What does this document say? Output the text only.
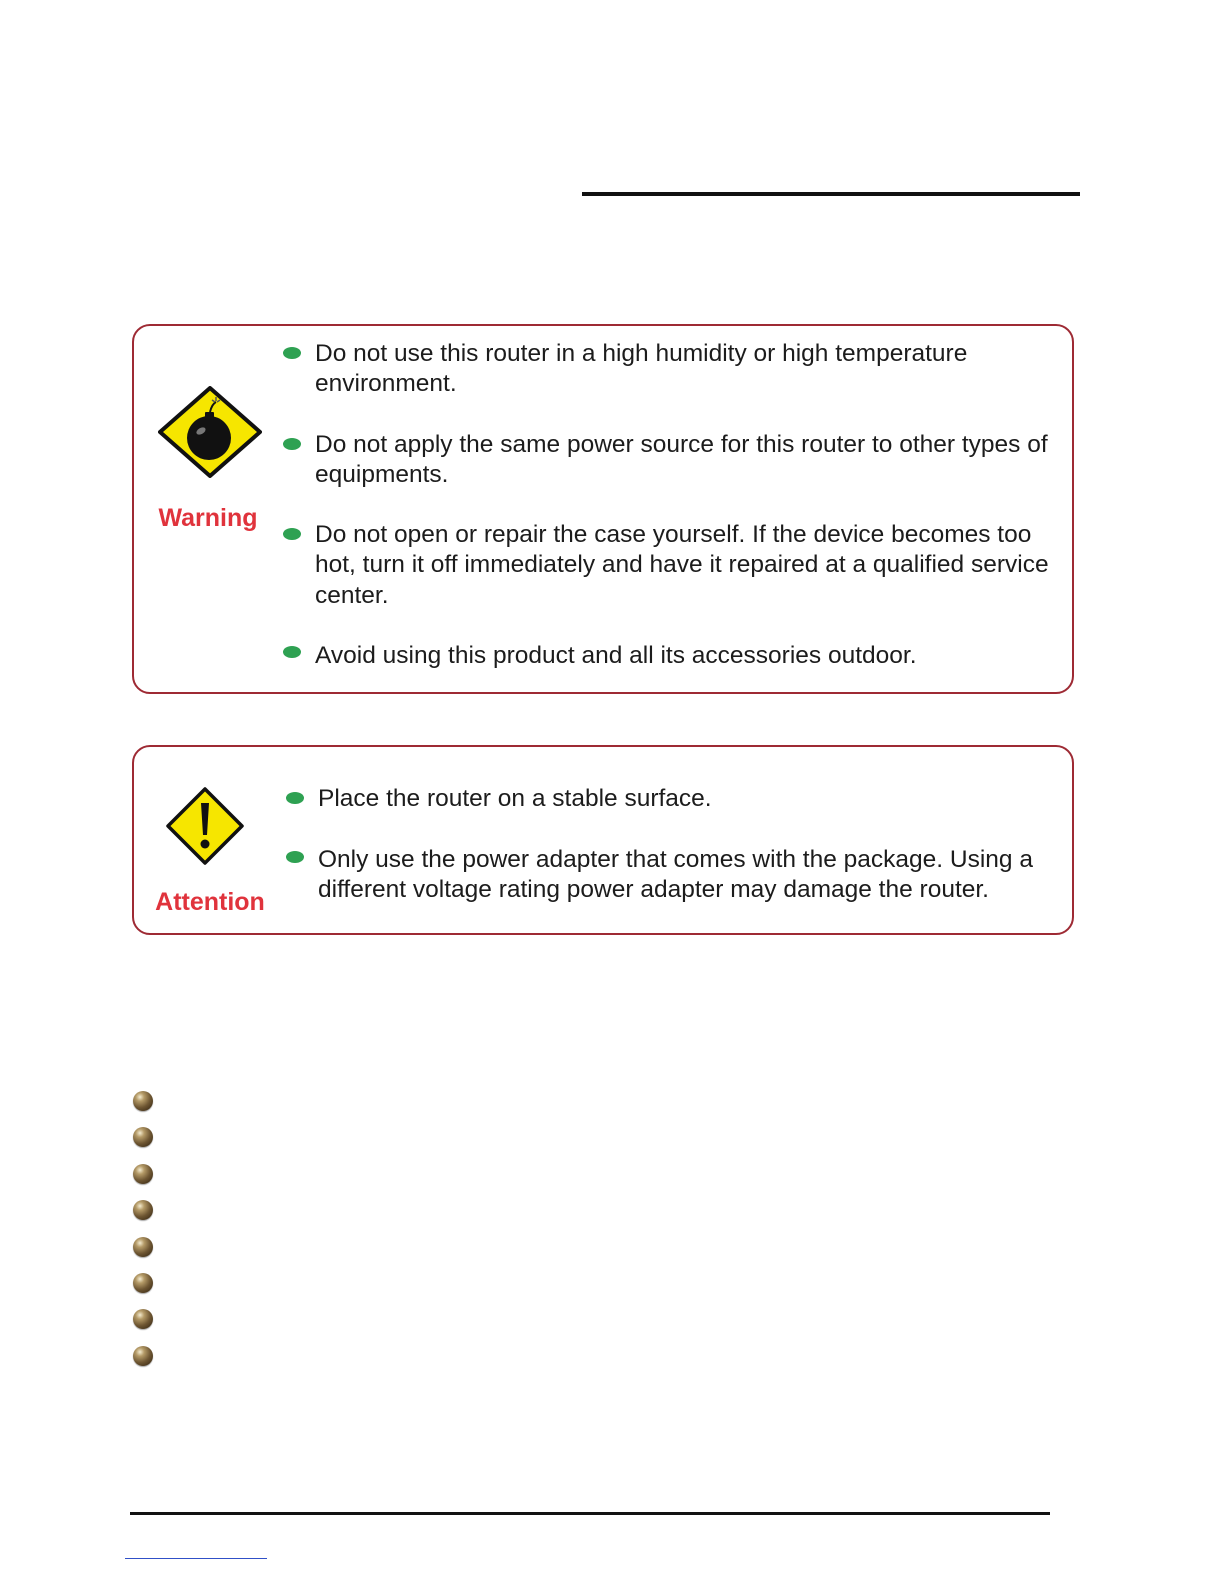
Warning
Do not use this router in a high humidity or high temperature
environment.
Do not apply the same power source for this router to other types of
equipments.
Do not open or repair the case yourself. If the device becomes too
hot, turn it off immediately and have it repaired at a qualified service
center.
Avoid using this product and all its accessories outdoor.
Attention
Place the router on a stable surface.
Only use the power adapter that comes with the package. Using a
different voltage rating power adapter may damage the router.
